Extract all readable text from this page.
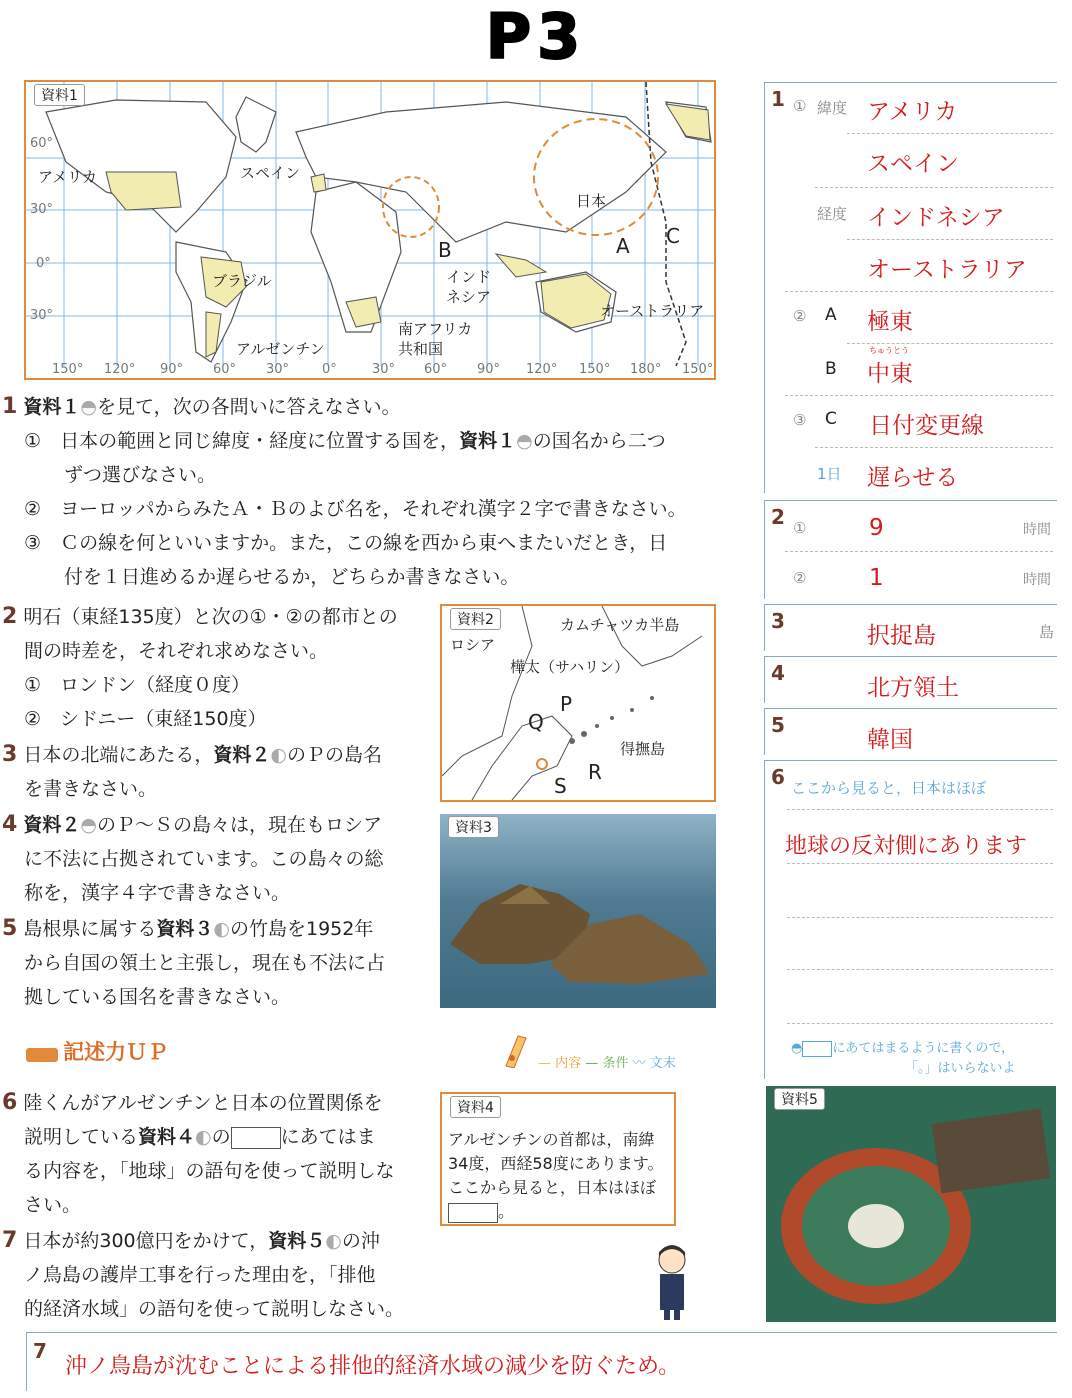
P3
資料1
アメリカ	スペイン
日本
ブラジル
アルゼンチン
南アフリカ
共和国
インド
ネシア
オーストラリア
B	A C
60°
30°
0°
30°
150° 120° 90° 60° 30°	0°	30° 60° 90° 120° 150° 180° 150°
1 資料１◓を見て，次の各問いに答えなさい。
①　 日本の範囲と同じ緯度・経度に位置する国を，資料１◓の国名から二つ
ずつ選びなさい。
②　 ヨーロッパからみたＡ・Ｂのよび名を，それぞれ漢字２字で書きなさい。
③　 Ｃの線を何といいますか。また，この線を西から東へまたいだとき，日
付を１日進めるか遅らせるか，どちらか書きなさい。
2 明石（東経135度）と次の①・②の都市との
間の時差を，それぞれ求めなさい。
①　ロンドン（経度０度）
②　シドニー（東経150度）
3 日本の北端にあたる，資料２◐のＰの島名
を書きなさい。
4 資料２◓のＰ～Ｓの島々は，現在もロシア
に不法に占拠されています。この島々の総
称を，漢字４字で書きなさい。
5 島根県に属する資料３◐の竹島を1952年
から自国の領土と主張し，現在も不法に占
拠している国名を書きなさい。
記述力ＵＰ	— 内容 — 条件 〰 文末
6 陸くんがアルゼンチンと日本の位置関係を
説明している資料４◐の	にあてはま
る内容を，「地球」の語句を使って説明しな
さい。
7 日本が約300億円をかけて，資料５◐の沖
ノ鳥島の護岸工事を行った理由を，「排他
的経済水域」の語句を使って説明しなさい。
資料2
ロシア
カムチャツカ半島
樺太（サハリン）
得撫島
P
Q
R
S
資料3
資料4
アルゼンチンの首都は，南緯
34度，西経58度にあります。
ここから見ると，日本はほぼ
。
資料5
1 ① 緯度 アメリカ
スペイン
経度 インドネシア
オーストラリア
② A 極東
B
ちゅうとう
中東
③ C 日付変更線
1日 遅らせる
2 ①	9	時間
②	1	時間
3
択捉島	島
4
北方領土
5
韓国
6 ここから見ると，日本はほぼ
地球の反対側にあります
◓ にあてはまるように書くので，
「。」はいらないよ
7
沖ノ鳥島が沈むことによる排他的経済水域の減少を防ぐため。
